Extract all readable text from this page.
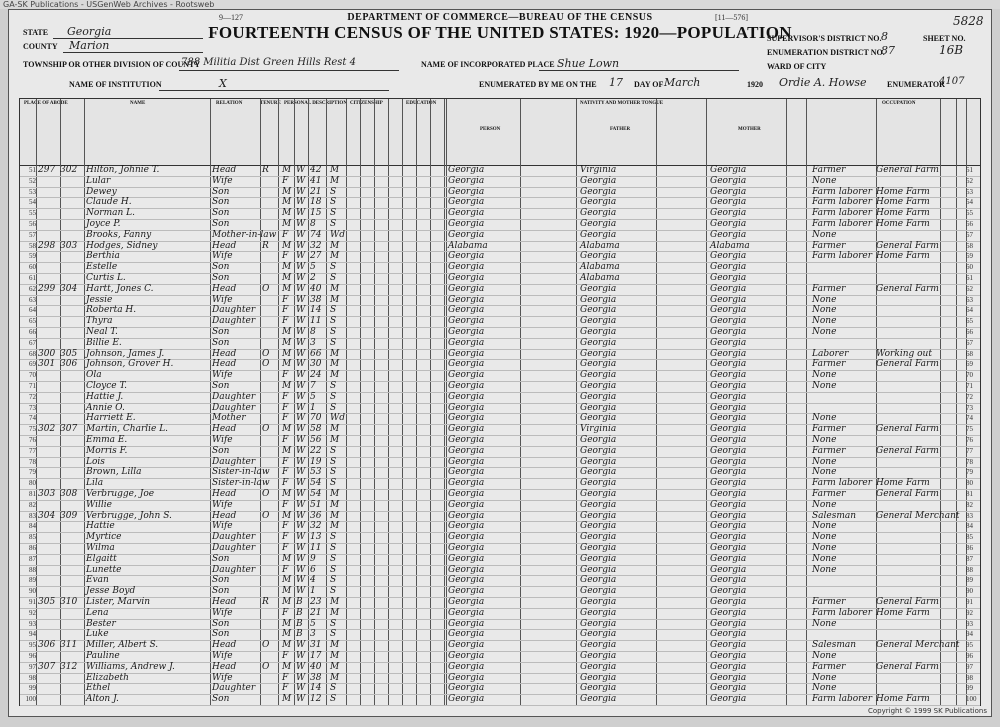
GA-SK Publications - USGenWeb Archives - Rootsweb
9—127	[11—576]
DEPARTMENT OF COMMERCE—BUREAU OF THE CENSUS
FOURTEENTH CENSUS OF THE UNITED STATES: 1920—POPULATION
STATE Georgia
COUNTY Marion
TOWNSHIP OR OTHER DIVISION OF COUNTY
788 Militia Dist Green Hills Rest 4	NAME OF INCORPORATED PLACE Shue Lown
NAME OF INSTITUTION	X	ENUMERATED BY ME ON THE 17 DAY OF March	1920 Ordie A. Howse	ENUMERATOR
4107
SUPERVISOR'S DISTRICT NO. 8
ENUMERATION DISTRICT NO.
87
SHEET NO.
16B
WARD OF CITY
5828
PLACE OF ABODE	NAME	RELATION	TENURE PERSONAL DESCRIPTION CITIZENSHIP	EDUCATION	NATIVITY AND MOTHER TONGUE	OCCUPATION
PERSON	FATHER	MOTHER
51 297 302 Hilton, Johnie T.	Head	R	M W 42 M	Georgia	Virginia	Georgia	Farmer	General Farm	51
52	Lular	Wife	F W 41 M	Georgia	Georgia	Georgia	None	52
53	Dewey	Son	M W 21 S	Georgia	Georgia	Georgia	Farm laborer Home Farm	53
54	Claude H.	Son	M W 18 S	Georgia	Georgia	Georgia	Farm laborer Home Farm	54
55	Norman L.	Son	M W 15 S	Georgia	Georgia	Georgia	Farm laborer Home Farm	55
56	Joyce P.	Son	M W 8	S	Georgia	Georgia	Georgia	Farm laborer Home Farm	56
57	Brooks, Fanny	Mother-in-law F W 74 Wd	Georgia	Georgia	Georgia	None	57
58 298 303 Hodges, Sidney	Head	R	M W 32 M	Alabama	Alabama	Alabama	Farmer	General Farm	58
59	Berthia	Wife	F W 27 M	Georgia	Georgia	Georgia	Farm laborer Home Farm	59
60	Estelle	Son	M W 5	S	Georgia	Alabama	Georgia	60
61	Curtis L.	Son	M W 2	S	Georgia	Alabama	Georgia	61
62 299 304 Hartt, Jones C.	Head	O	M W 40 M	Georgia	Georgia	Georgia	Farmer	General Farm	62
63	Jessie	Wife	F W 38 M	Georgia	Georgia	Georgia	None	63
64	Roberta H.	Daughter	F W 14 S	Georgia	Georgia	Georgia	None	64
65	Thyra	Daughter	F W 11 S	Georgia	Georgia	Georgia	None	65
66	Neal T.	Son	M W 8	S	Georgia	Georgia	Georgia	None	66
67	Billie E.	Son	M W 3	S	Georgia	Georgia	Georgia	67
68 300 305 Johnson, James J.	Head	O	M W 66 M	Georgia	Georgia	Georgia	Laborer	Working out	68
69 301 306 Johnson, Grover H.	Head	O	M W 30 M	Georgia	Georgia	Georgia	Farmer	General Farm	69
70	Ola	Wife	F W 24 M	Georgia	Georgia	Georgia	None	70
71	Cloyce T.	Son	M W 7	S	Georgia	Georgia	Georgia	None	71
72	Hattie J.	Daughter	F W 5	S	Georgia	Georgia	Georgia	72
73	Annie O.	Daughter	F W 1	S	Georgia	Georgia	Georgia	73
74	Harriett E.	Mother	F W 70 Wd	Georgia	Georgia	Georgia	None	74
75 302 307 Martin, Charlie L.	Head	O	M W 58 M	Georgia	Virginia	Georgia	Farmer	General Farm	75
76	Emma E.	Wife	F W 56 M	Georgia	Georgia	Georgia	None	76
77	Morris F.	Son	M W 22 S	Georgia	Georgia	Georgia	Farmer	General Farm	77
78	Lois	Daughter	F W 19 S	Georgia	Georgia	Georgia	None	78
79	Brown, Lilla	Sister-in-law F W 53 S	Georgia	Georgia	Georgia	None	79
80	Lila	Sister-in-law F W 54 S	Georgia	Georgia	Georgia	Farm laborer Home Farm	80
81 303 308 Verbrugge, Joe	Head	O	M W 54 M	Georgia	Georgia	Georgia	Farmer	General Farm	81
82	Willie	Wife	F W 51 M	Georgia	Georgia	Georgia	None	82
83 304 309 Verbrugge, John S.	Head	O	M W 36 M	Georgia	Georgia	Georgia	Salesman	General Merchant 83
84	Hattie	Wife	F W 32 M	Georgia	Georgia	Georgia	None	84
85	Myrtice	Daughter	F W 13 S	Georgia	Georgia	Georgia	None	85
86	Wilma	Daughter	F W 11 S	Georgia	Georgia	Georgia	None	86
87	Elgaitt	Son	M W 9	S	Georgia	Georgia	Georgia	None	87
88	Lunette	Daughter	F W 6	S	Georgia	Georgia	Georgia	None	88
89	Evan	Son	M W 4	S	Georgia	Georgia	Georgia	89
90	Jesse Boyd	Son	M W 1	S	Georgia	Georgia	Georgia	90
91 305 310 Lister, Marvin	Head	R	M B 23 M	Georgia	Georgia	Georgia	Farmer	General Farm	91
92	Lena	Wife	F B 21 M	Georgia	Georgia	Georgia	Farm laborer Home Farm	92
93	Bester	Son	M B 5	S	Georgia	Georgia	Georgia	None	93
94	Luke	Son	M B 3	S	Georgia	Georgia	Georgia	94
95 306 311 Miller, Albert S.	Head	O	M W 31 M	Georgia	Georgia	Georgia	Salesman	General Merchant 95
96	Pauline	Wife	F W 17 M	Georgia	Georgia	Georgia	None	96
97 307 312 Williams, Andrew J.	Head	O	M W 40 M	Georgia	Georgia	Georgia	Farmer	General Farm	97
98	Elizabeth	Wife	F W 38 M	Georgia	Georgia	Georgia	None	98
99	Ethel	Daughter	F W 14 S	Georgia	Georgia	Georgia	None	99
100	Alton J.	Son	M W 12 S	Georgia	Georgia	Georgia	Farm laborer Home Farm	100
Copyright © 1999 SK Publications
